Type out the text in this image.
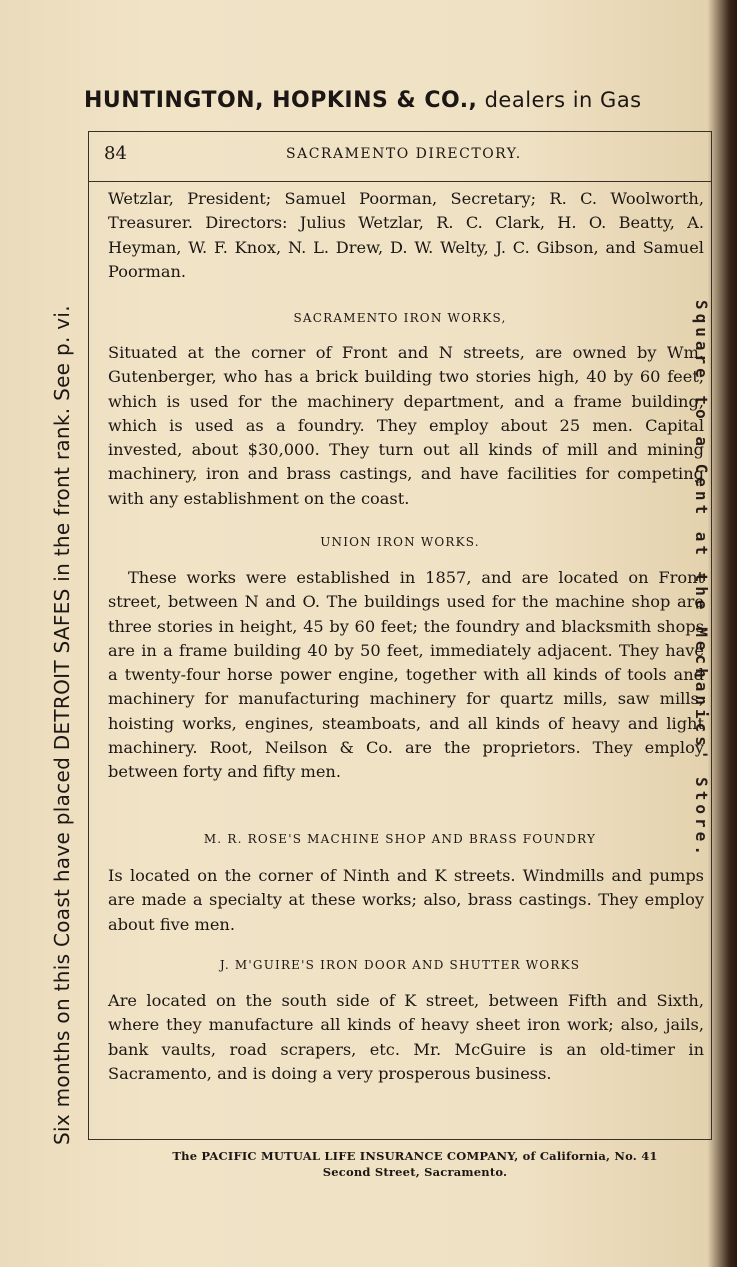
HUNTINGTON, HOPKINS & CO., dealers in Gas
Six months on this Coast have placed DETROIT SAFES in the front rank. See p. vi.	Square to a Cent at the Mechanics' Store.
84	SACRAMENTO DIRECTORY.
Wetzlar, President; Samuel Poorman, Secretary; R. C. Woolworth, Treasurer. Directors: Julius Wetzlar, R. C. Clark, H. O. Beatty, A. Heyman, W. F. Knox, N. L. Drew, D. W. Welty, J. C. Gibson, and Samuel Poorman.
SACRAMENTO IRON WORKS,
Situated at the corner of Front and N streets, are owned by Wm. Gutenberger, who has a brick building two stories high, 40 by 60 feet, which is used for the machinery department, and a frame building, which is used as a foundry. They employ about 25 men. Capital invested, about $30,000. They turn out all kinds of mill and mining machinery, iron and brass castings, and have facilities for competing with any establishment on the coast.
UNION IRON WORKS.
These works were established in 1857, and are located on Front street, between N and O. The buildings used for the machine shop are three stories in height, 45 by 60 feet; the foundry and blacksmith shops are in a frame building 40 by 50 feet, immediately adjacent. They have a twenty-four horse power engine, together with all kinds of tools and machinery for manufacturing machinery for quartz mills, saw mills, hoisting works, engines, steamboats, and all kinds of heavy and light machinery. Root, Neilson & Co. are the proprietors. They employ between forty and fifty men.
M. R. ROSE'S MACHINE SHOP AND BRASS FOUNDRY
Is located on the corner of Ninth and K streets. Windmills and pumps are made a specialty at these works; also, brass castings. They employ about five men.
J. M'GUIRE'S IRON DOOR AND SHUTTER WORKS
Are located on the south side of K street, between Fifth and Sixth, where they manufacture all kinds of heavy sheet iron work; also, jails, bank vaults, road scrapers, etc. Mr. McGuire is an old-timer in Sacramento, and is doing a very prosperous business.
The PACIFIC MUTUAL LIFE INSURANCE COMPANY, of California, No. 41
Second Street, Sacramento.
